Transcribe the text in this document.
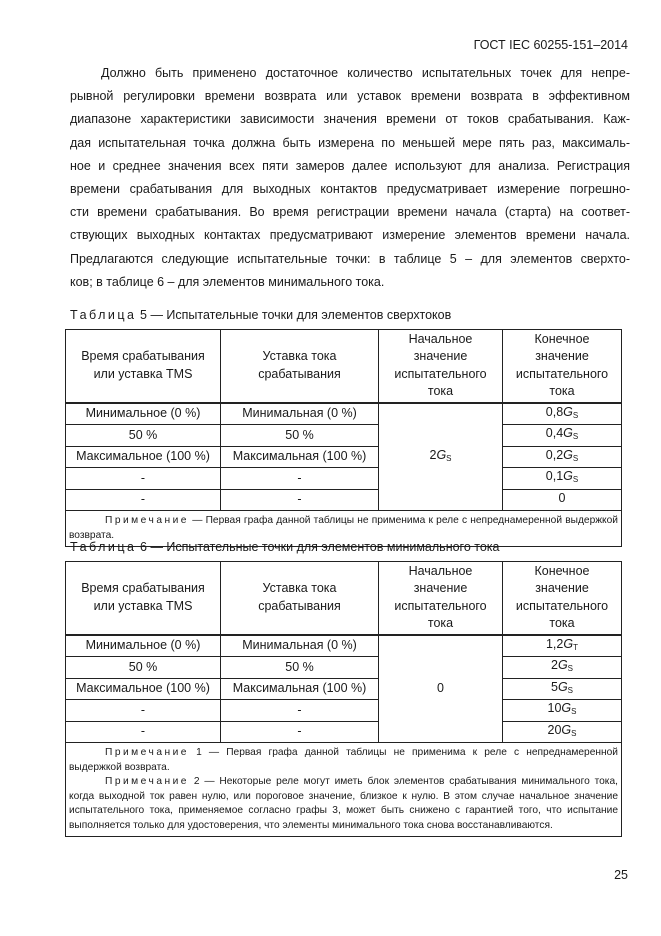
ГОСТ IEC 60255-151–2014
Должно быть применено достаточное количество испытательных точек для непре-
рывной регулировки времени возврата или уставок времени возврата в эффективном
диапазоне характеристики зависимости значения времени от токов срабатывания. Каж-
дая испытательная точка должна быть измерена по меньшей мере пять раз, максималь-
ное и среднее значения всех пяти замеров далее используют для анализа. Регистрация
времени срабатывания для выходных контактов предусматривает измерение погрешно-
сти времени срабатывания. Во время регистрации времени начала (старта) на соответ-
ствующих выходных контактах предусматривают измерение элементов времени начала.
Предлагаются следующие испытательные точки: в таблице 5 – для элементов сверхто-
ков; в таблице 6 – для элементов минимального тока.
Таблица 5 — Испытательные точки для элементов сверхтоков
Время срабатывания или уставка TMS	Уставка тока срабатывания	Начальное значение испытательного тока	Конечное значение испытательного тока
Минимальное (0 %)	Минимальная (0 %)	$2G_S$	$0,8G_S$
50 %	50 %		$0,4G_S$
Максимальное (100 %)	Максимальная (100 %)		$0,2G_S$
-	-		$0,1G_S$
-	-		0
Примечание — Первая графа данной таблицы не применима к реле с непреднамеренной выдержкой возврата.			
Таблица 6 — Испытательные точки для элементов минимального тока
Время срабатывания или уставка TMS	Уставка тока срабатывания	Начальное значение испытательного тока	Конечное значение испытательного тока
Минимальное (0 %)	Минимальная (0 %)	0	$1,2G_T$
50 %	50 %		$2G_S$
Максимальное (100 %)	Максимальная (100 %)		$5G_S$
-	-		$10G_S$
-	-		$20G_S$

Примечание 1 — Первая графа данной таблицы не применима к реле с непреднамеренной выдержкой возврата.
Примечание 2 — Некоторые реле могут иметь блок элементов срабатывания минимального тока, когда выходной ток равен нулю, или пороговое значение, близкое к нулю. В этом случае начальное значение испытательного тока, применяемое согласно графы 3, может быть снижено с гарантией того, что испытание выполняется только для удостоверения, что элементы минимального тока снова восстанавливаются.			
25
